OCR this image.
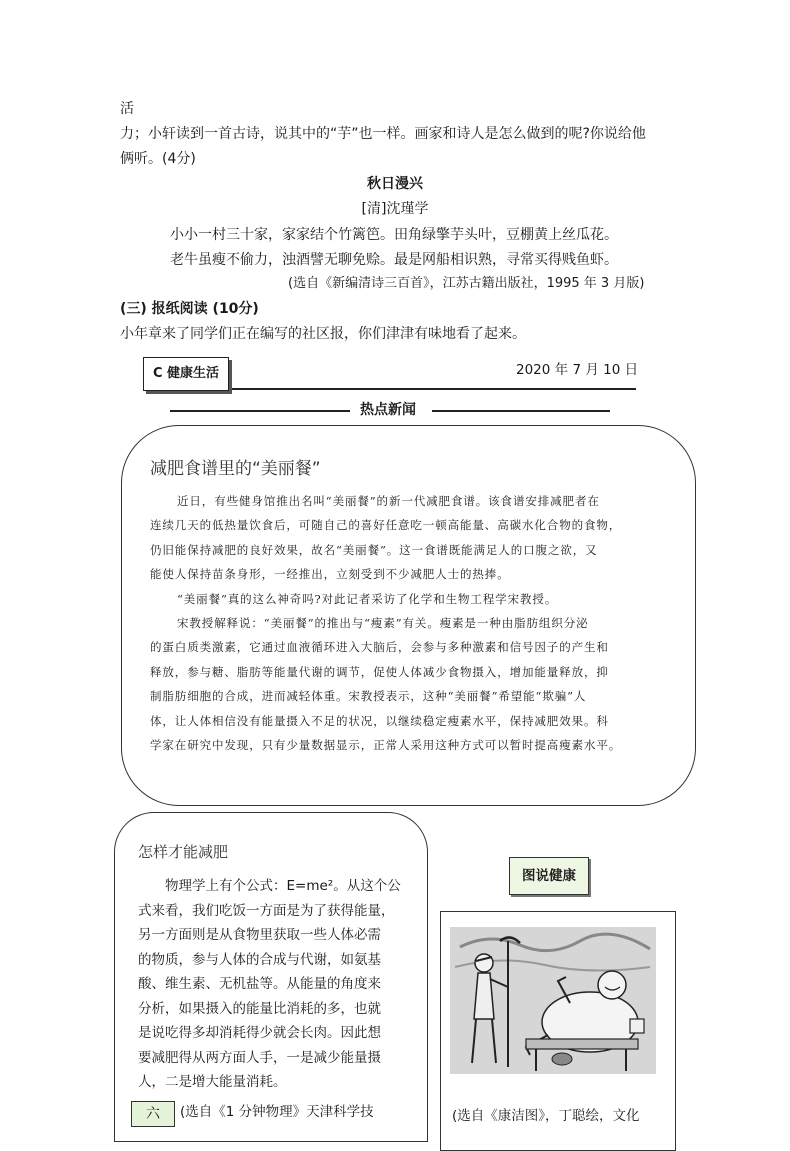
活
力；小轩读到一首古诗，说其中的“芋”也一样。画家和诗人是怎么做到的呢?你说给他
俩听。(4分)
秋日漫兴
[清]沈瑾学
小小一村三十家，家家结个竹篱笆。田角绿擎芋头叶，豆棚黄上丝瓜花。
老牛虽瘦不偷力，浊酒譬无聊免赊。最是网船相识熟，寻常买得贱鱼虾。
(选自《新编清诗三百首》，江苏古籍出版社，1995 年 3 月版)
(三) 报纸阅读 (10分)
小年章来了同学们正在编写的社区报，你们津津有味地看了起来。
C 健康生活	2020 年 7 月 10 日
热点新闻
减肥食谱里的“美丽餐”
近日，有些健身馆推出名叫“美丽餐”的新一代减肥食谱。该食谱安排减肥者在
连续几天的低热量饮食后，可随自己的喜好任意吃一顿高能量、高碳水化合物的食物，
仍旧能保持减肥的良好效果，故名“美丽餐”。这一食谱既能满足人的口腹之欲，又
能使人保持苗条身形，一经推出，立刻受到不少减肥人士的热捧。
“美丽餐”真的这么神奇吗?对此记者采访了化学和生物工程学宋教授。
宋教授解释说：“美丽餐”的推出与“瘦素”有关。瘦素是一种由脂肪组织分泌
的蛋白质类激素，它通过血液循环进入大脑后，会参与多种激素和信号因子的产生和
释放，参与糖、脂肪等能量代谢的调节，促使人体减少食物摄入，增加能量释放，抑
制脂肪细胞的合成，进而减轻体重。宋教授表示，这种“美丽餐”希望能“欺骗”人
体，让人体相信没有能量摄入不足的状况，以继续稳定瘦素水平，保持减肥效果。科
学家在研究中发现，只有少量数据显示，正常人采用这种方式可以暂时提高瘦素水平。
怎样才能减肥
物理学上有个公式：E=me²。从这个公
式来看，我们吃饭一方面是为了获得能量，
另一方面则是从食物里获取一些人体必需
的物质，参与人体的合成与代谢，如氨基
酸、维生素、无机盐等。从能量的角度来
分析，如果摄入的能量比消耗的多，也就
是说吃得多却消耗得少就会长肉。因此想
要减肥得从两方面人手，一是减少能量摄
人，二是增大能量消耗。
六	(选自《1 分钟物理》天津科学技
图说健康
(选自《康洁图》，丁聪绘，文化
